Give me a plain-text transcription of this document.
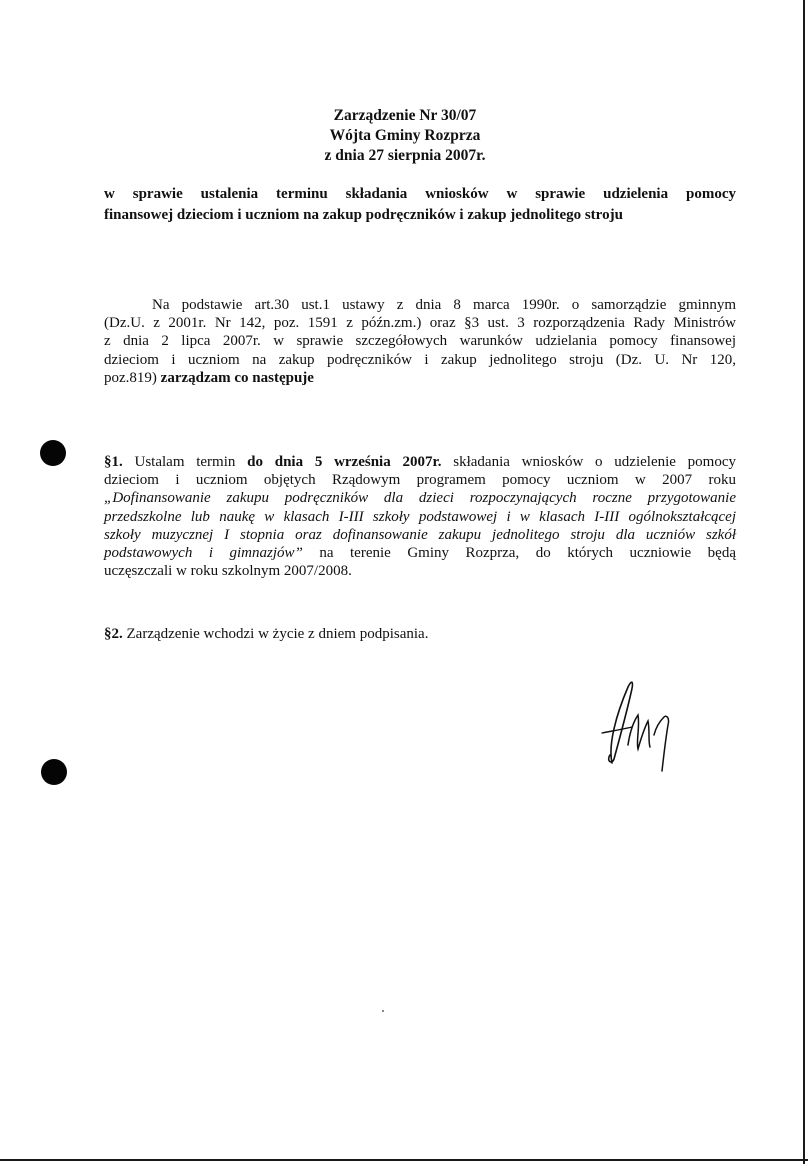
Zarządzenie Nr 30/07
Wójta Gminy Rozprza
z dnia 27 sierpnia 2007r.
w sprawie ustalenia terminu składania wniosków w sprawie udzielenia pomocy
finansowej dzieciom i uczniom na zakup podręczników i zakup jednolitego stroju
Na podstawie art.30 ust.1 ustawy z dnia 8 marca 1990r. o samorządzie gminnym
(Dz.U. z 2001r. Nr 142, poz. 1591 z późn.zm.) oraz §3 ust. 3 rozporządzenia Rady Ministrów
z dnia 2 lipca 2007r. w sprawie szczegółowych warunków udzielania pomocy finansowej
dzieciom i uczniom na zakup podręczników i zakup jednolitego stroju (Dz. U. Nr 120,
poz.819) zarządzam co następuje
§1. Ustalam termin do dnia 5 września 2007r. składania wniosków o udzielenie pomocy
dzieciom i uczniom objętych Rządowym programem pomocy uczniom w 2007 roku
„Dofinansowanie zakupu podręczników dla dzieci rozpoczynających roczne przygotowanie
przedszkolne lub naukę w klasach I-III szkoły podstawowej i w klasach I-III ogólnokształcącej
szkoły muzycznej I stopnia oraz dofinansowanie zakupu jednolitego stroju dla uczniów szkół
podstawowych i gimnazjów” na terenie Gminy Rozprza, do których uczniowie będą
uczęszczali w roku szkolnym 2007/2008.
§2. Zarządzenie wchodzi w życie z dniem podpisania.
